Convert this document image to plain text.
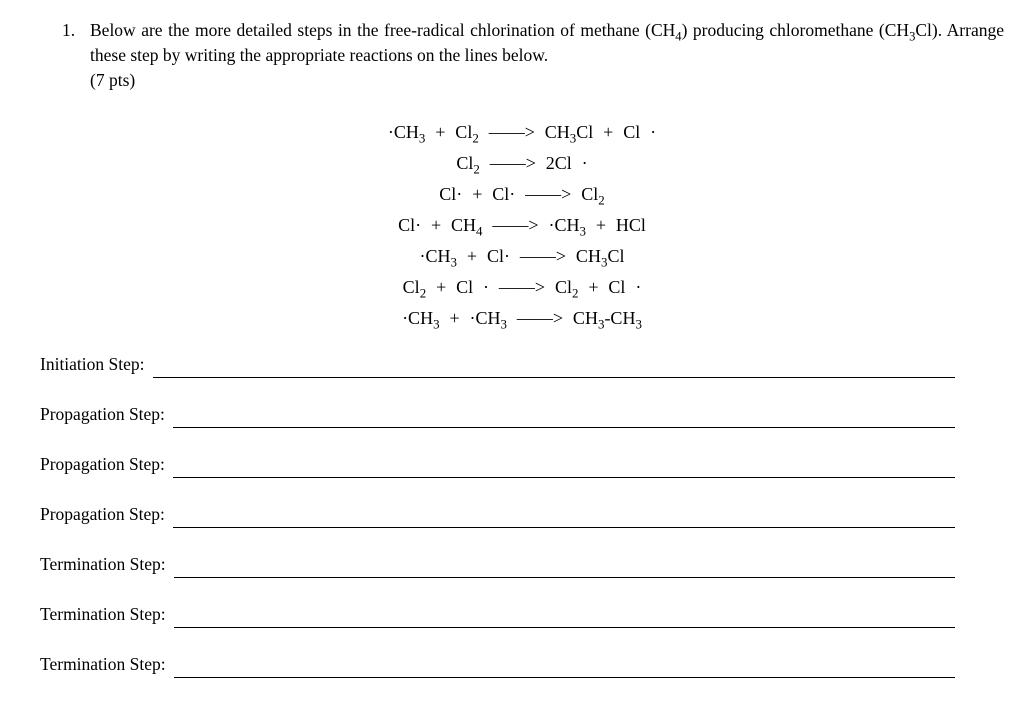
1. Below are the more detailed steps in the free-radical chlorination of methane $(CH_4)$ producing chloromethane $(CH_3Cl)$. Arrange these step by writing the appropriate reactions on the lines below.
(7 pts)
$\cdot CH_3 + Cl_2$ ——> $CH_3Cl + Cl$ ·
$Cl_2$ ——> 2Cl ·
Cl· + Cl· ——> $Cl_2$
$Cl\cdot + CH_4$ ——> $\cdot CH_3$ + HCl
$\cdot CH_3 + Cl\cdot$ ——> $CH_3Cl$
$Cl_2 + Cl$ · ——> $Cl_2 + Cl$ ·
$\cdot CH_3 + \cdot CH_3$ ——> $CH_3-CH_3$
Initiation Step:
Propagation Step:
Propagation Step:
Propagation Step:
Termination Step:
Termination Step:
Termination Step:
